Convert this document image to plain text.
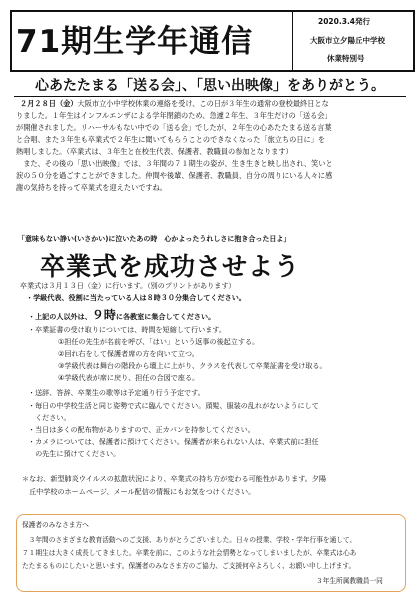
71期生学年通信
2020.3.4発行
大阪市立夕陽丘中学校
休業特別号
心あたたまる「送る会」、「思い出映像」をありがとう。
２月２８日（金）大阪市立小中学校休業の連絡を受け、この日が３年生の通常の登校最終日とな
りました。１年生はインフルエンザによる学年閉鎖のため、急遽２年生、３年生だけの「送る会」
が開催されました。リハーサルもない中での「送る会」でしたが、２年生の心あたたまる送る言葉
と合唱、また３年生も卒業式で２年生に聞いてもらうことのできなくなった「旅立ちの日に」を
熱唱しました。（卒業式は、３年生と在校生代表、保護者、教職員の参加となります）
　また、その後の「思い出映像」では、３年間の７１期生の姿が、生き生きと映し出され、笑いと
涙の５０分を過ごすことができました。仲間や後輩、保護者、教職員、自分の周りにいる人々に感
謝の気持ちを持って卒業式を迎えたいですね。
「意味もない諍い(いさかい)に泣いたあの時　心かよったうれしさに抱き合った日よ」
卒業式を成功させよう
卒業式は３月１３日（金）に行います。（別のプリントがあります）
・学級代表、役割に当たっている人は８時３０分集合してください。
・上記の人以外は、９時に各教室に集合してください。
・卒業証書の受け取りについては、時間を短縮して行います。
①担任の先生が名前を呼び、「はい」という返事の後起立する。
②回れ右をして保護者席の方を向いて立つ。
③学級代表は舞台の階段から壇上に上がり、クラスを代表して卒業証書を受け取る。
④学級代表が席に戻り、担任の合図で座る。
・送辞、答辞、卒業生の歌等は予定通り行う予定です。
・毎日の中学校生活と同じ姿勢で式に臨んでください。頭髪、服装の乱れがないようにして
　ください。
・当日は多くの配布物がありますので、正カバンを持参してください。
・カメラについては、保護者に預けてください。保護者が来られない人は、卒業式前に担任
　の先生に預けてください。
＊なお、新型肺炎ウイルスの拡散状況により、卒業式の持ち方が変わる可能性があります。夕陽
　丘中学校のホームページ、メール配信の情報にもお気をつけください。
保護者のみなさま方へ
　３年間のさまざまな教育活動へのご支援、ありがとうございました。日々の授業、学校・学年行事を通して、
７１期生は大きく成長してきました。卒業を前に、このような社会情勢となってしまいましたが、卒業式は心あ
たたまるものにしたいと思います。保護者のみなさま方のご協力、ご支援何卒よろしく、お願い申し上げます。
３年生所属教職員一同
